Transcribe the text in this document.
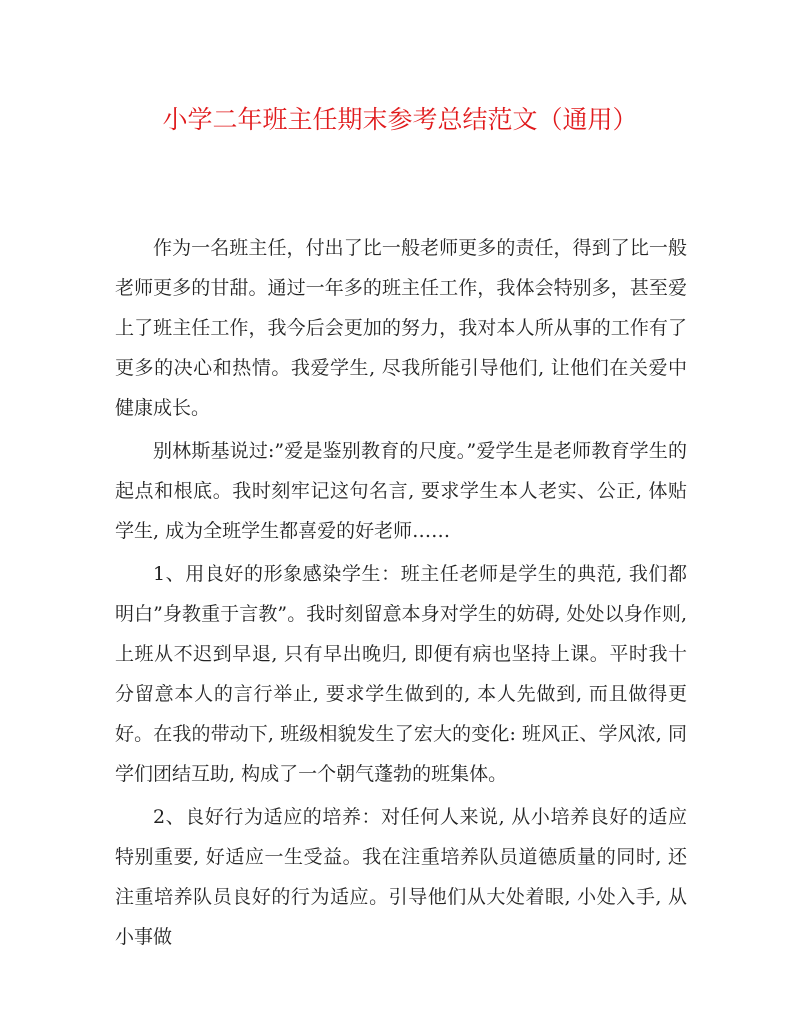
小学二年班主任期末参考总结范文（通用）

作为一名班主任，付出了比一般老师更多的责任，得到了比一般老师更多的甘甜。通过一年多的班主任工作，我体会特别多，甚至爱上了班主任工作，我今后会更加的努力，我对本人所从事的工作有了更多的决心和热情。我爱学生, 尽我所能引导他们, 让他们在关爱中健康成长。

别林斯基说过:”爱是鉴别教育的尺度。”爱学生是老师教育学生的起点和根底。我时刻牢记这句名言, 要求学生本人老实、公正, 体贴学生, 成为全班学生都喜爱的好老师……

1、用良好的形象感染学生：班主任老师是学生的典范, 我们都明白”身教重于言教”。我时刻留意本身对学生的妨碍, 处处以身作则, 上班从不迟到早退, 只有早出晚归, 即便有病也坚持上课。平时我十分留意本人的言行举止, 要求学生做到的, 本人先做到, 而且做得更好。在我的带动下, 班级相貌发生了宏大的变化: 班风正、学风浓, 同学们团结互助, 构成了一个朝气蓬勃的班集体。

2、良好行为适应的培养：对任何人来说, 从小培养良好的适应特别重要, 好适应一生受益。我在注重培养队员道德质量的同时, 还注重培养队员良好的行为适应。引导他们从大处着眼, 小处入手, 从小事做
